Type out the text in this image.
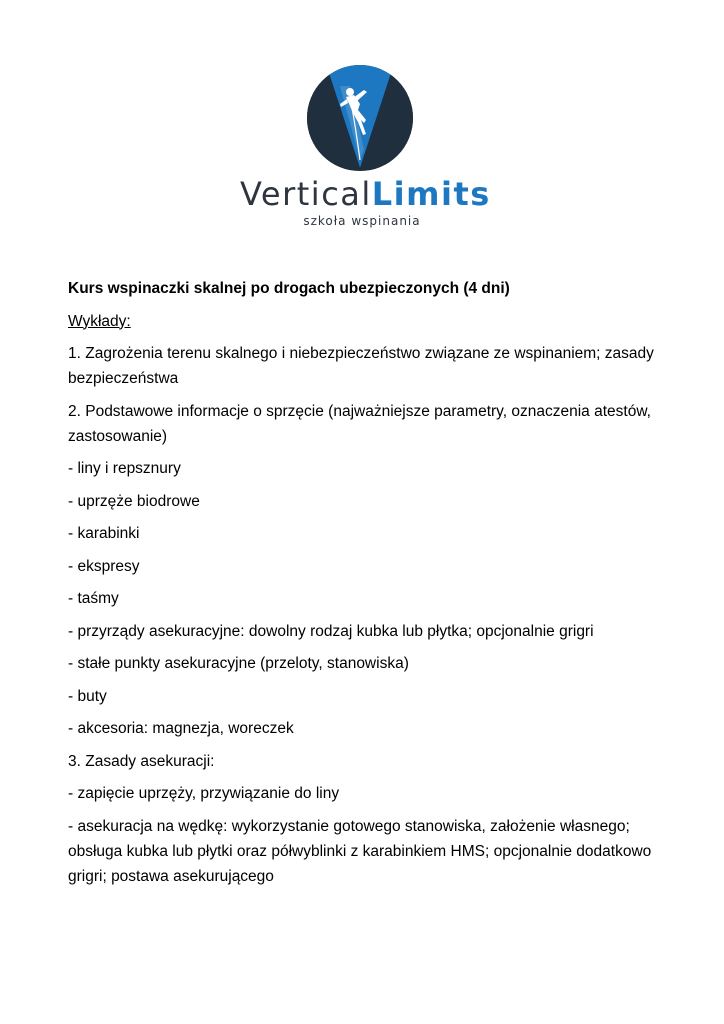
VerticalLimits
szkoła wspinania

Kurs wspinaczki skalnej po drogach ubezpieczonych (4 dni)

Wykłady:

1. Zagrożenia terenu skalnego i niebezpieczeństwo związane ze wspinaniem; zasady bezpieczeństwa

2. Podstawowe informacje o sprzęcie (najważniejsze parametry, oznaczenia atestów, zastosowanie)

- liny i repsznury

- uprzęże biodrowe

- karabinki

- ekspresy

- taśmy

- przyrządy asekuracyjne: dowolny rodzaj kubka lub płytka; opcjonalnie grigri

- stałe punkty asekuracyjne (przeloty, stanowiska)

- buty

- akcesoria: magnezja, woreczek

3. Zasady asekuracji:

- zapięcie uprzęży, przywiązanie do liny

- asekuracja na wędkę: wykorzystanie gotowego stanowiska, założenie własnego; obsługa kubka lub płytki oraz półwyblinki z karabinkiem HMS; opcjonalnie dodatkowo grigri; postawa asekurującego
